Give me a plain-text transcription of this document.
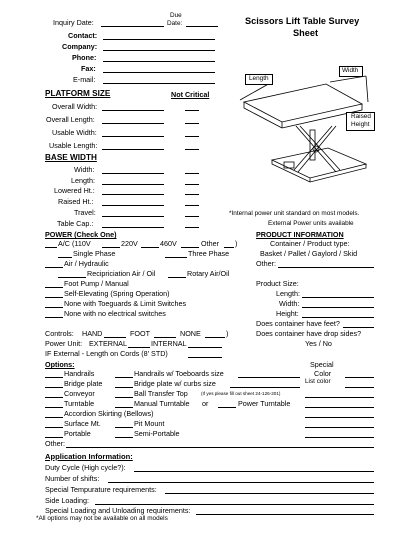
Due
Inquiry Date:	Date:	Scissors Lift Table Survey
Sheet
Contact:
Company:
Phone:
Fax:
E-mail:	Length
Width
Raised
Height
*Internal power unit standard on most models.
External Power units available
PLATFORM SIZE	Not Critical
Overall Width:
Overall Length:
Usable Width:
Usable Length:
BASE WIDTH
Width:
Length:
Lowered Ht.:
Raised Ht.:
Travel:
Table Cap.:
POWER (Check One)
A/C (110V	220V	460V	Other )
Single Phase	Three Phase
Air / Hydraulic
Recipriciation Air / Oil	Rotary Air/Oil
Foot Pump / Manual
Self-Elevating (Spring Operation)
None with Toeguards & Limit Switches
None with no electrical switches
PRODUCT INFORMATION
Container / Product type:
Basket / Pallet / Gaylord / Skid
Other:
Product Size:
Length:
Width:
Height:
Does container have feet?
Does container have drop sides?
Yes / No
Controls: HAND	FOOT	NONE	)
Power Unit: EXTERNAL	INTERNAL
IF External - Length on Cords (8' STD)
Options:	Special
Color
List color
Handrails	Handrails w/ Toeboards size
Bridge plate	Bridge plate w/ curbs size
Conveyor	Ball Transfer Top	(If yes please fill out sheet 24-126-201)
Turntable	Manual Turntable or	Power Turntable
Accordion Skirting (Bellows)
Surface Mt.	Pit Mount
Portable	Semi-Portable
Other:
Application Information:
Duty Cycle (High cycle?):
Number of shifts:
Special Tempurature requirements:
Side Loading:
Special Loading and Unloading requirements:
*All options may not be available on all models
